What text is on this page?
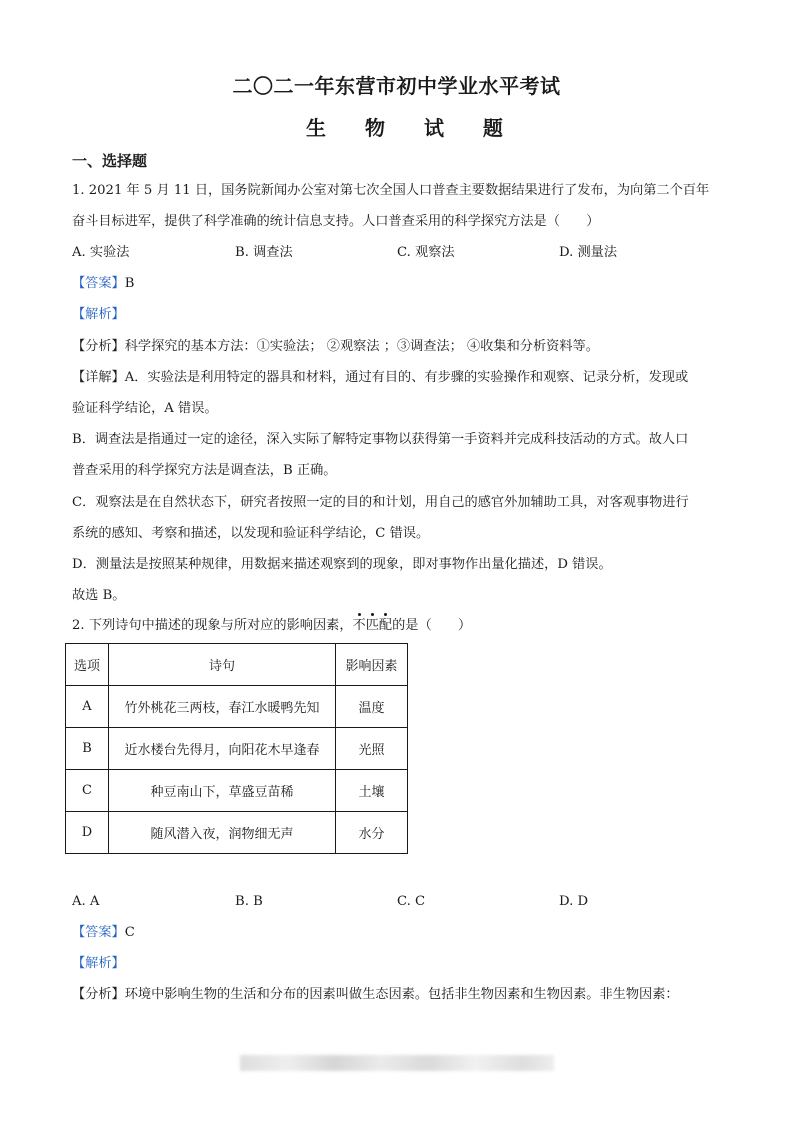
二〇二一年东营市初中学业水平考试
生 物 试 题
一、选择题
1. 2021 年 5 月 11 日，国务院新闻办公室对第七次全国人口普查主要数据结果进行了发布，为向第二个百年
奋斗目标进军，提供了科学准确的统计信息支持。人口普查采用的科学探究方法是（　　）
A. 实验法	B. 调查法	C. 观察法	D. 测量法
【答案】B
【解析】
【分析】科学探究的基本方法：①实验法； ②观察法 ；③调查法； ④收集和分析资料等。
【详解】A．实验法是利用特定的器具和材料，通过有目的、有步骤的实验操作和观察、记录分析，发现或
验证科学结论，A 错误。
B．调查法是指通过一定的途径，深入实际了解特定事物以获得第一手资料并完成科技活动的方式。故人口
普查采用的科学探究方法是调查法，B 正确。
C．观察法是在自然状态下，研究者按照一定的目的和计划，用自己的感官外加辅助工具，对客观事物进行
系统的感知、考察和描述，以发现和验证科学结论，C 错误。
D．测量法是按照某种规律，用数据来描述观察到的现象，即对事物作出量化描述，D 错误。
故选 B。
2. 下列诗句中描述的现象与所对应的影响因素，
不
匹
配的是（　　）
选项	诗句	影响因素
A	竹外桃花三两枝，春江水暖鸭先知	温度
B	近水楼台先得月，向阳花木早逢春	光照
C	种豆南山下，草盛豆苗稀	土壤
D	随风潜入夜，润物细无声	水分
A. A	B. B	C. C	D. D
【答案】C
【解析】
【分析】环境中影响生物的生活和分布的因素叫做生态因素。包括非生物因素和生物因素。非生物因素：
